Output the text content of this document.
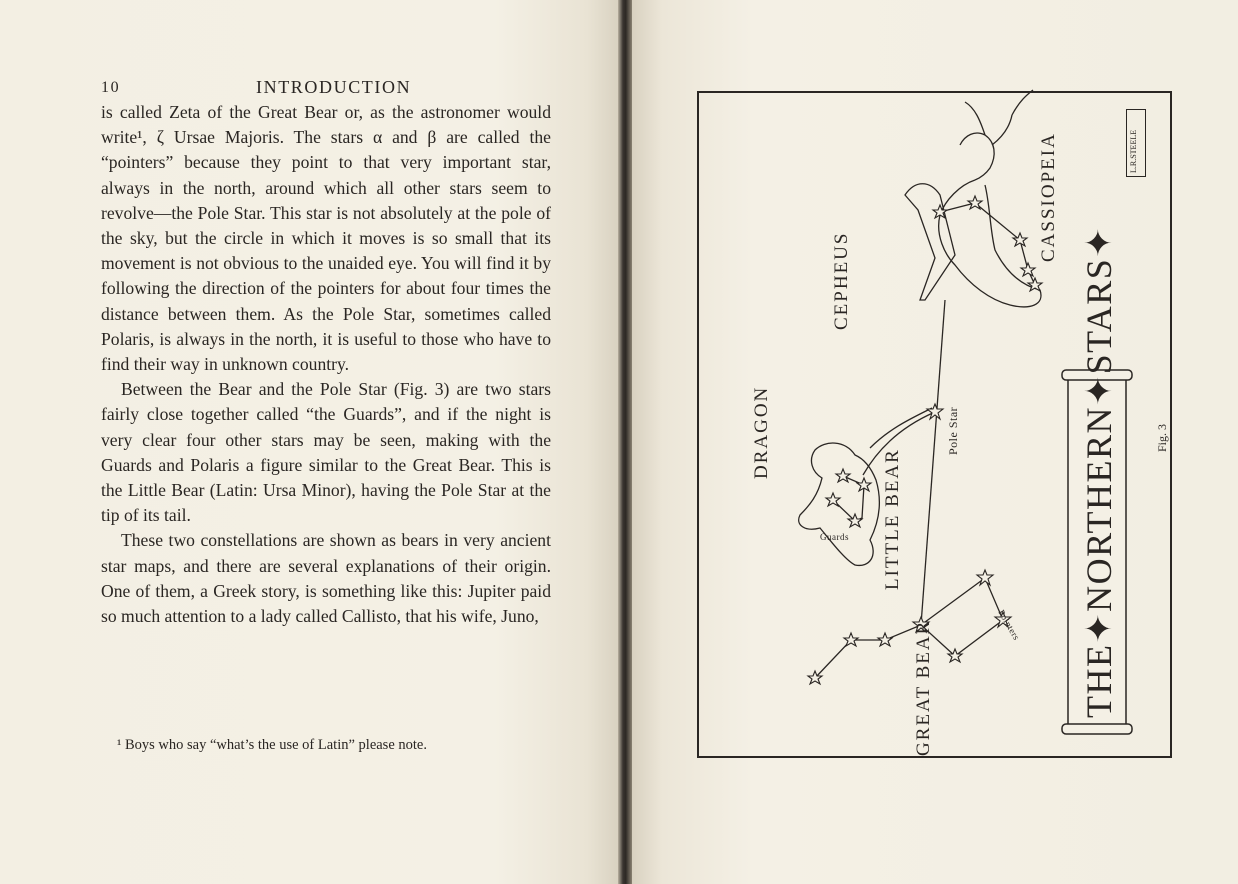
10	INTRODUCTION

is called Zeta of the Great Bear or, as the astronomer would write¹, ζ Ursae Majoris. The stars α and β are called the “pointers” because they point to that very important star, always in the north, around which all other stars seem to revolve—the Pole Star. This star is not absolutely at the pole of the sky, but the circle in which it moves is so small that its movement is not obvious to the unaided eye. You will find it by following the direction of the pointers for about four times the distance between them. As the Pole Star, sometimes called Polaris, is always in the north, it is useful to those who have to find their way in unknown country.

Between the Bear and the Pole Star (Fig. 3) are two stars fairly close together called “the Guards”, and if the night is very clear four other stars may be seen, making with the Guards and Polaris a figure similar to the Great Bear. This is the Little Bear (Latin: Ursa Minor), having the Pole Star at the tip of its tail.

These two constellations are shown as bears in very ancient star maps, and there are several explanations of their origin. One of them, a Greek story, is something like this: Jupiter paid so much attention to a lady called Callisto, that his wife, Juno,

¹ Boys who say “what’s the use of Latin” please note.
DRAGON
CEPHEUS
CASSIOPEIA
LITTLE BEAR
GREAT BEAR
Pole Star
Guards
Pointers THE✦NORTHERN✦STARS✦
L.R.STEELE
Fig. 3
